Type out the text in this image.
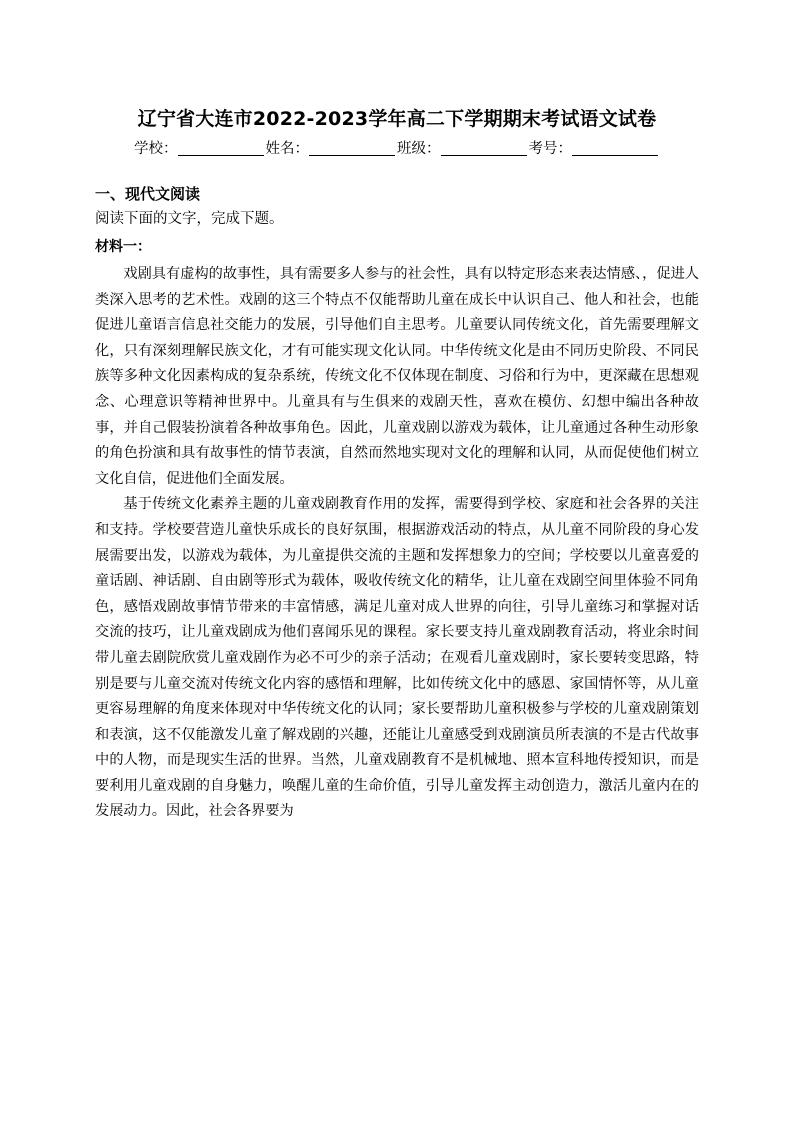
辽宁省大连市2022-2023学年高二下学期期末考试语文试卷
学校：	姓名：	班级：	考号：
一、现代文阅读
阅读下面的文字，完成下题。
材料一：

戏剧具有虚构的故事性，具有需要多人参与的社会性，具有以特定形态来表达情感、，促进人类深入思考的艺术性。戏剧的这三个特点不仅能帮助儿童在成长中认识自己、他人和社会，也能促进儿童语言信息社交能力的发展，引导他们自主思考。儿童要认同传统文化，首先需要理解文化，只有深刻理解民族文化，才有可能实现文化认同。中华传统文化是由不同历史阶段、不同民族等多种文化因素构成的复杂系统，传统文化不仅体现在制度、习俗和行为中，更深藏在思想观念、心理意识等精神世界中。儿童具有与生俱来的戏剧天性，喜欢在模仿、幻想中编出各种故事，并自己假装扮演着各种故事角色。因此，儿童戏剧以游戏为载体，让儿童通过各种生动形象的角色扮演和具有故事性的情节表演，自然而然地实现对文化的理解和认同，从而促使他们树立文化自信，促进他们全面发展。

基于传统文化素养主题的儿童戏剧教育作用的发挥，需要得到学校、家庭和社会各界的关注和支持。学校要营造儿童快乐成长的良好氛围，根据游戏活动的特点，从儿童不同阶段的身心发展需要出发，以游戏为载体，为儿童提供交流的主题和发挥想象力的空间；学校要以儿童喜爱的童话剧、神话剧、自由剧等形式为载体，吸收传统文化的精华，让儿童在戏剧空间里体验不同角色，感悟戏剧故事情节带来的丰富情感，满足儿童对成人世界的向往，引导儿童练习和掌握对话交流的技巧，让儿童戏剧成为他们喜闻乐见的课程。家长要支持儿童戏剧教育活动，将业余时间带儿童去剧院欣赏儿童戏剧作为必不可少的亲子活动；在观看儿童戏剧时，家长要转变思路，特别是要与儿童交流对传统文化内容的感悟和理解，比如传统文化中的感恩、家国情怀等，从儿童更容易理解的角度来体现对中华传统文化的认同；家长要帮助儿童积极参与学校的儿童戏剧策划和表演，这不仅能激发儿童了解戏剧的兴趣，还能让儿童感受到戏剧演员所表演的不是古代故事中的人物，而是现实生活的世界。当然，儿童戏剧教育不是机械地、照本宣科地传授知识，而是要利用儿童戏剧的自身魅力，唤醒儿童的生命价值，引导儿童发挥主动创造力，激活儿童内在的发展动力。因此，社会各界要为
